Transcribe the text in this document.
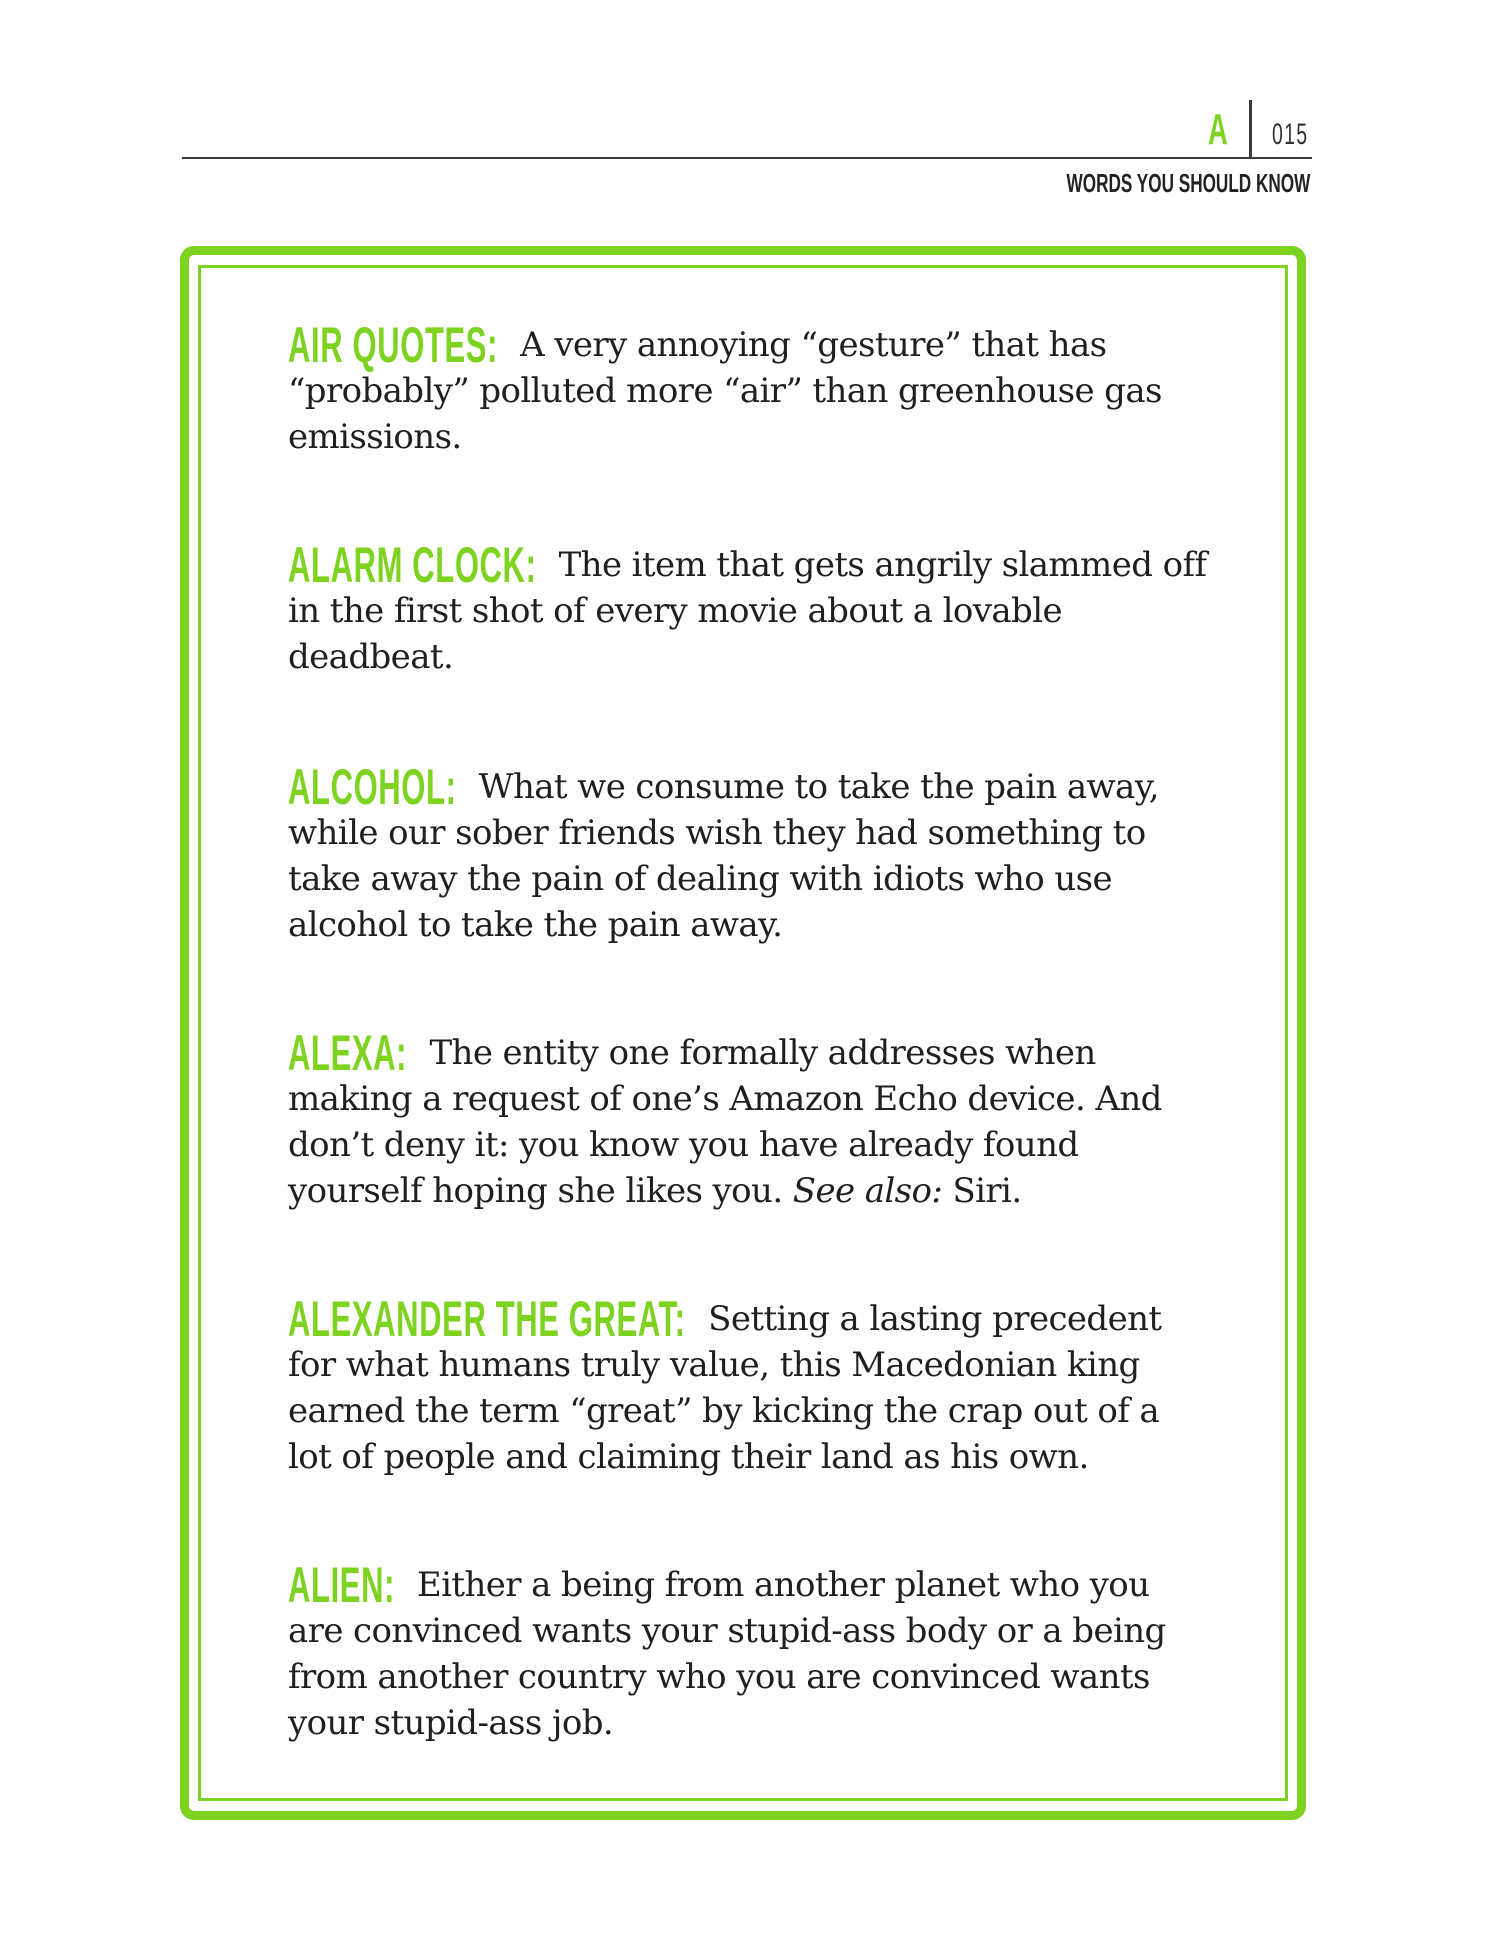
A 015
WORDS YOU SHOULD KNOW
AIR QUOTES: A very annoying “gesture” that has “probably” polluted more “air” than greenhouse gas emissions.
ALARM CLOCK: The item that gets angrily slammed off in the first shot of every movie about a lovable deadbeat.
ALCOHOL: What we consume to take the pain away, while our sober friends wish they had something to take away the pain of dealing with idiots who use alcohol to take the pain away.
ALEXA: The entity one formally addresses when making a request of one’s Amazon Echo device. And don’t deny it: you know you have already found yourself hoping she likes you. See also: Siri.
ALEXANDER THE GREAT: Setting a lasting precedent for what humans truly value, this Macedonian king earned the term “great” by kicking the crap out of a lot of people and claiming their land as his own.
ALIEN: Either a being from another planet who you are convinced wants your stupid-ass body or a being from another country who you are convinced wants your stupid-ass job.
